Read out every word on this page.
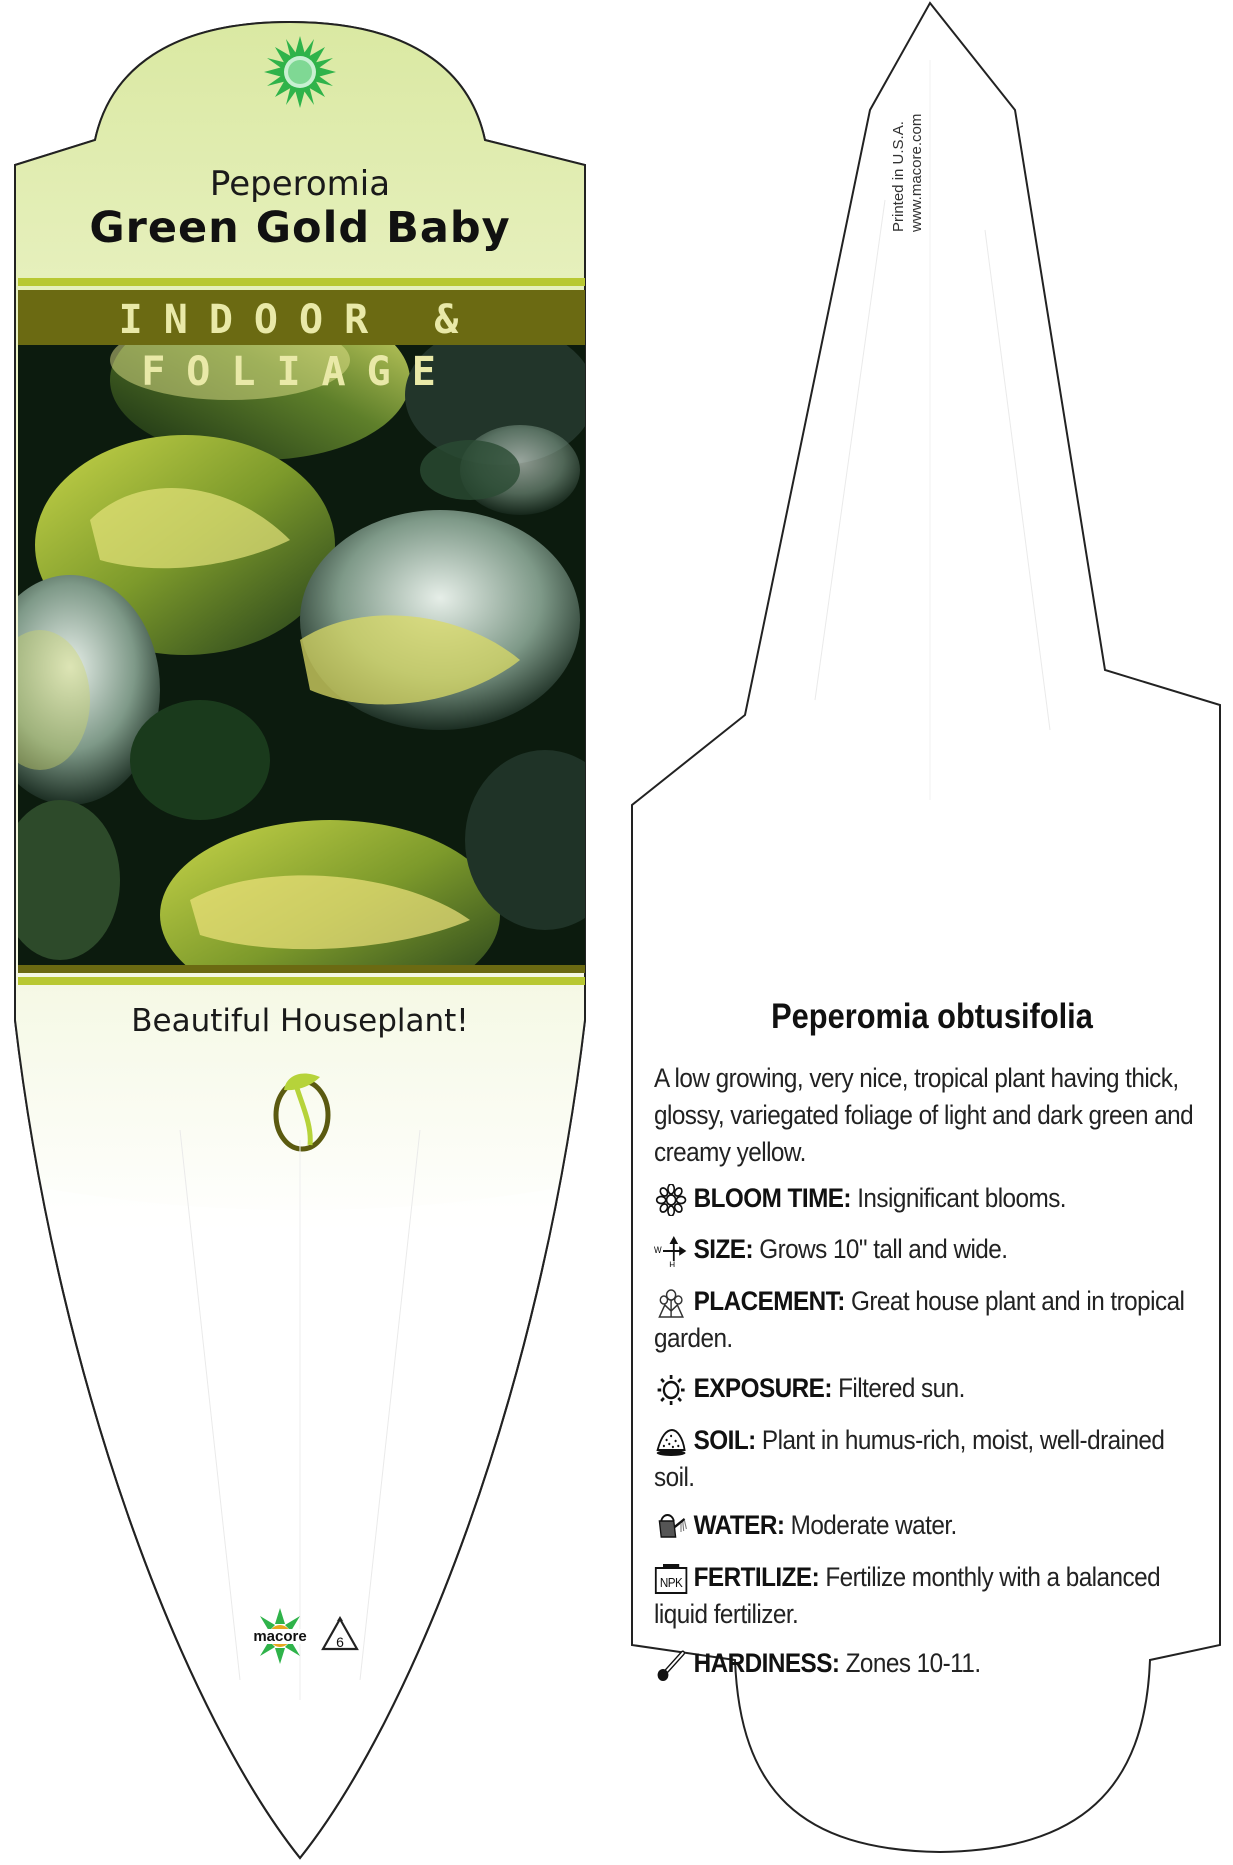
macore 6
Peperomia
Green Gold Baby
INDOOR & FOLIAGE
Beautiful Houseplant!
Printed in U.S.A. www.macore.com
Peperomia obtusifolia
A low growing, very nice, tropical plant having thick,
glossy, variegated foliage of light and dark green and
creamy yellow.
BLOOM TIME: Insignificant blooms.
W
H
SIZE: Grows 10" tall and wide.
PLACEMENT: Great house plant and in tropical
garden.
EXPOSURE: Filtered sun.
SOIL: Plant in humus-rich, moist, well-drained
soil.
WATER: Moderate water.
NPK FERTILIZE: Fertilize monthly with a balanced
liquid fertilizer.
HARDINESS: Zones 10-11.
